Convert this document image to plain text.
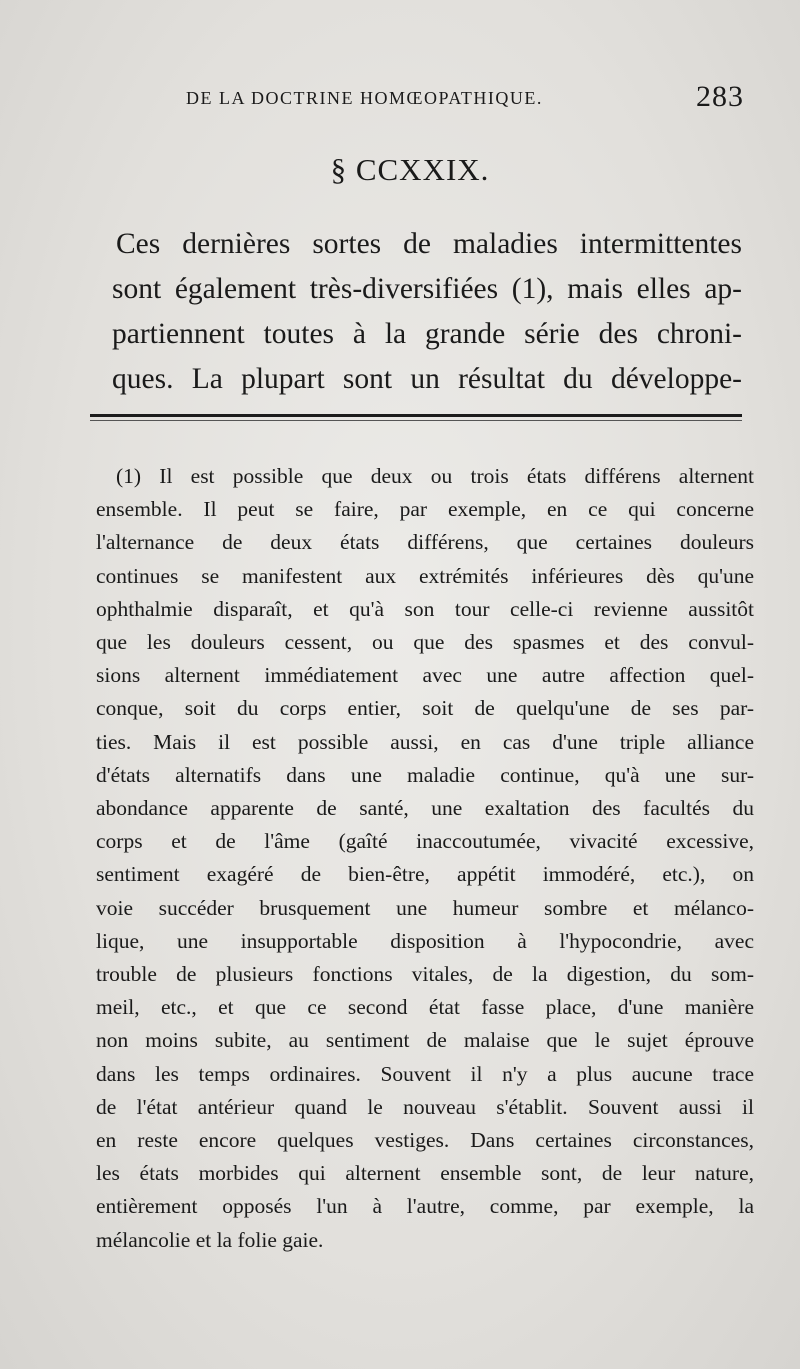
DE LA DOCTRINE HOMŒOPATHIQUE.	283
§ CCXXIX.
Ces dernières sortes de maladies intermittentes
sont également très-diversifiées (1), mais elles ap-
partiennent toutes à la grande série des chroni-
ques. La plupart sont un résultat du développe-
(1) Il est possible que deux ou trois états différens alternent
ensemble. Il peut se faire, par exemple, en ce qui concerne
l'alternance de deux états différens, que certaines douleurs
continues se manifestent aux extrémités inférieures dès qu'une
ophthalmie disparaît, et qu'à son tour celle-ci revienne aussitôt
que les douleurs cessent, ou que des spasmes et des convul-
sions alternent immédiatement avec une autre affection quel-
conque, soit du corps entier, soit de quelqu'une de ses par-
ties. Mais il est possible aussi, en cas d'une triple alliance
d'états alternatifs dans une maladie continue, qu'à une sur-
abondance apparente de santé, une exaltation des facultés du
corps et de l'âme (gaîté inaccoutumée, vivacité excessive,
sentiment exagéré de bien-être, appétit immodéré, etc.), on
voie succéder brusquement une humeur sombre et mélanco-
lique, une insupportable disposition à l'hypocondrie, avec
trouble de plusieurs fonctions vitales, de la digestion, du som-
meil, etc., et que ce second état fasse place, d'une manière
non moins subite, au sentiment de malaise que le sujet éprouve
dans les temps ordinaires. Souvent il n'y a plus aucune trace
de l'état antérieur quand le nouveau s'établit. Souvent aussi il
en reste encore quelques vestiges. Dans certaines circonstances,
les états morbides qui alternent ensemble sont, de leur nature,
entièrement opposés l'un à l'autre, comme, par exemple, la
mélancolie et la folie gaie.
